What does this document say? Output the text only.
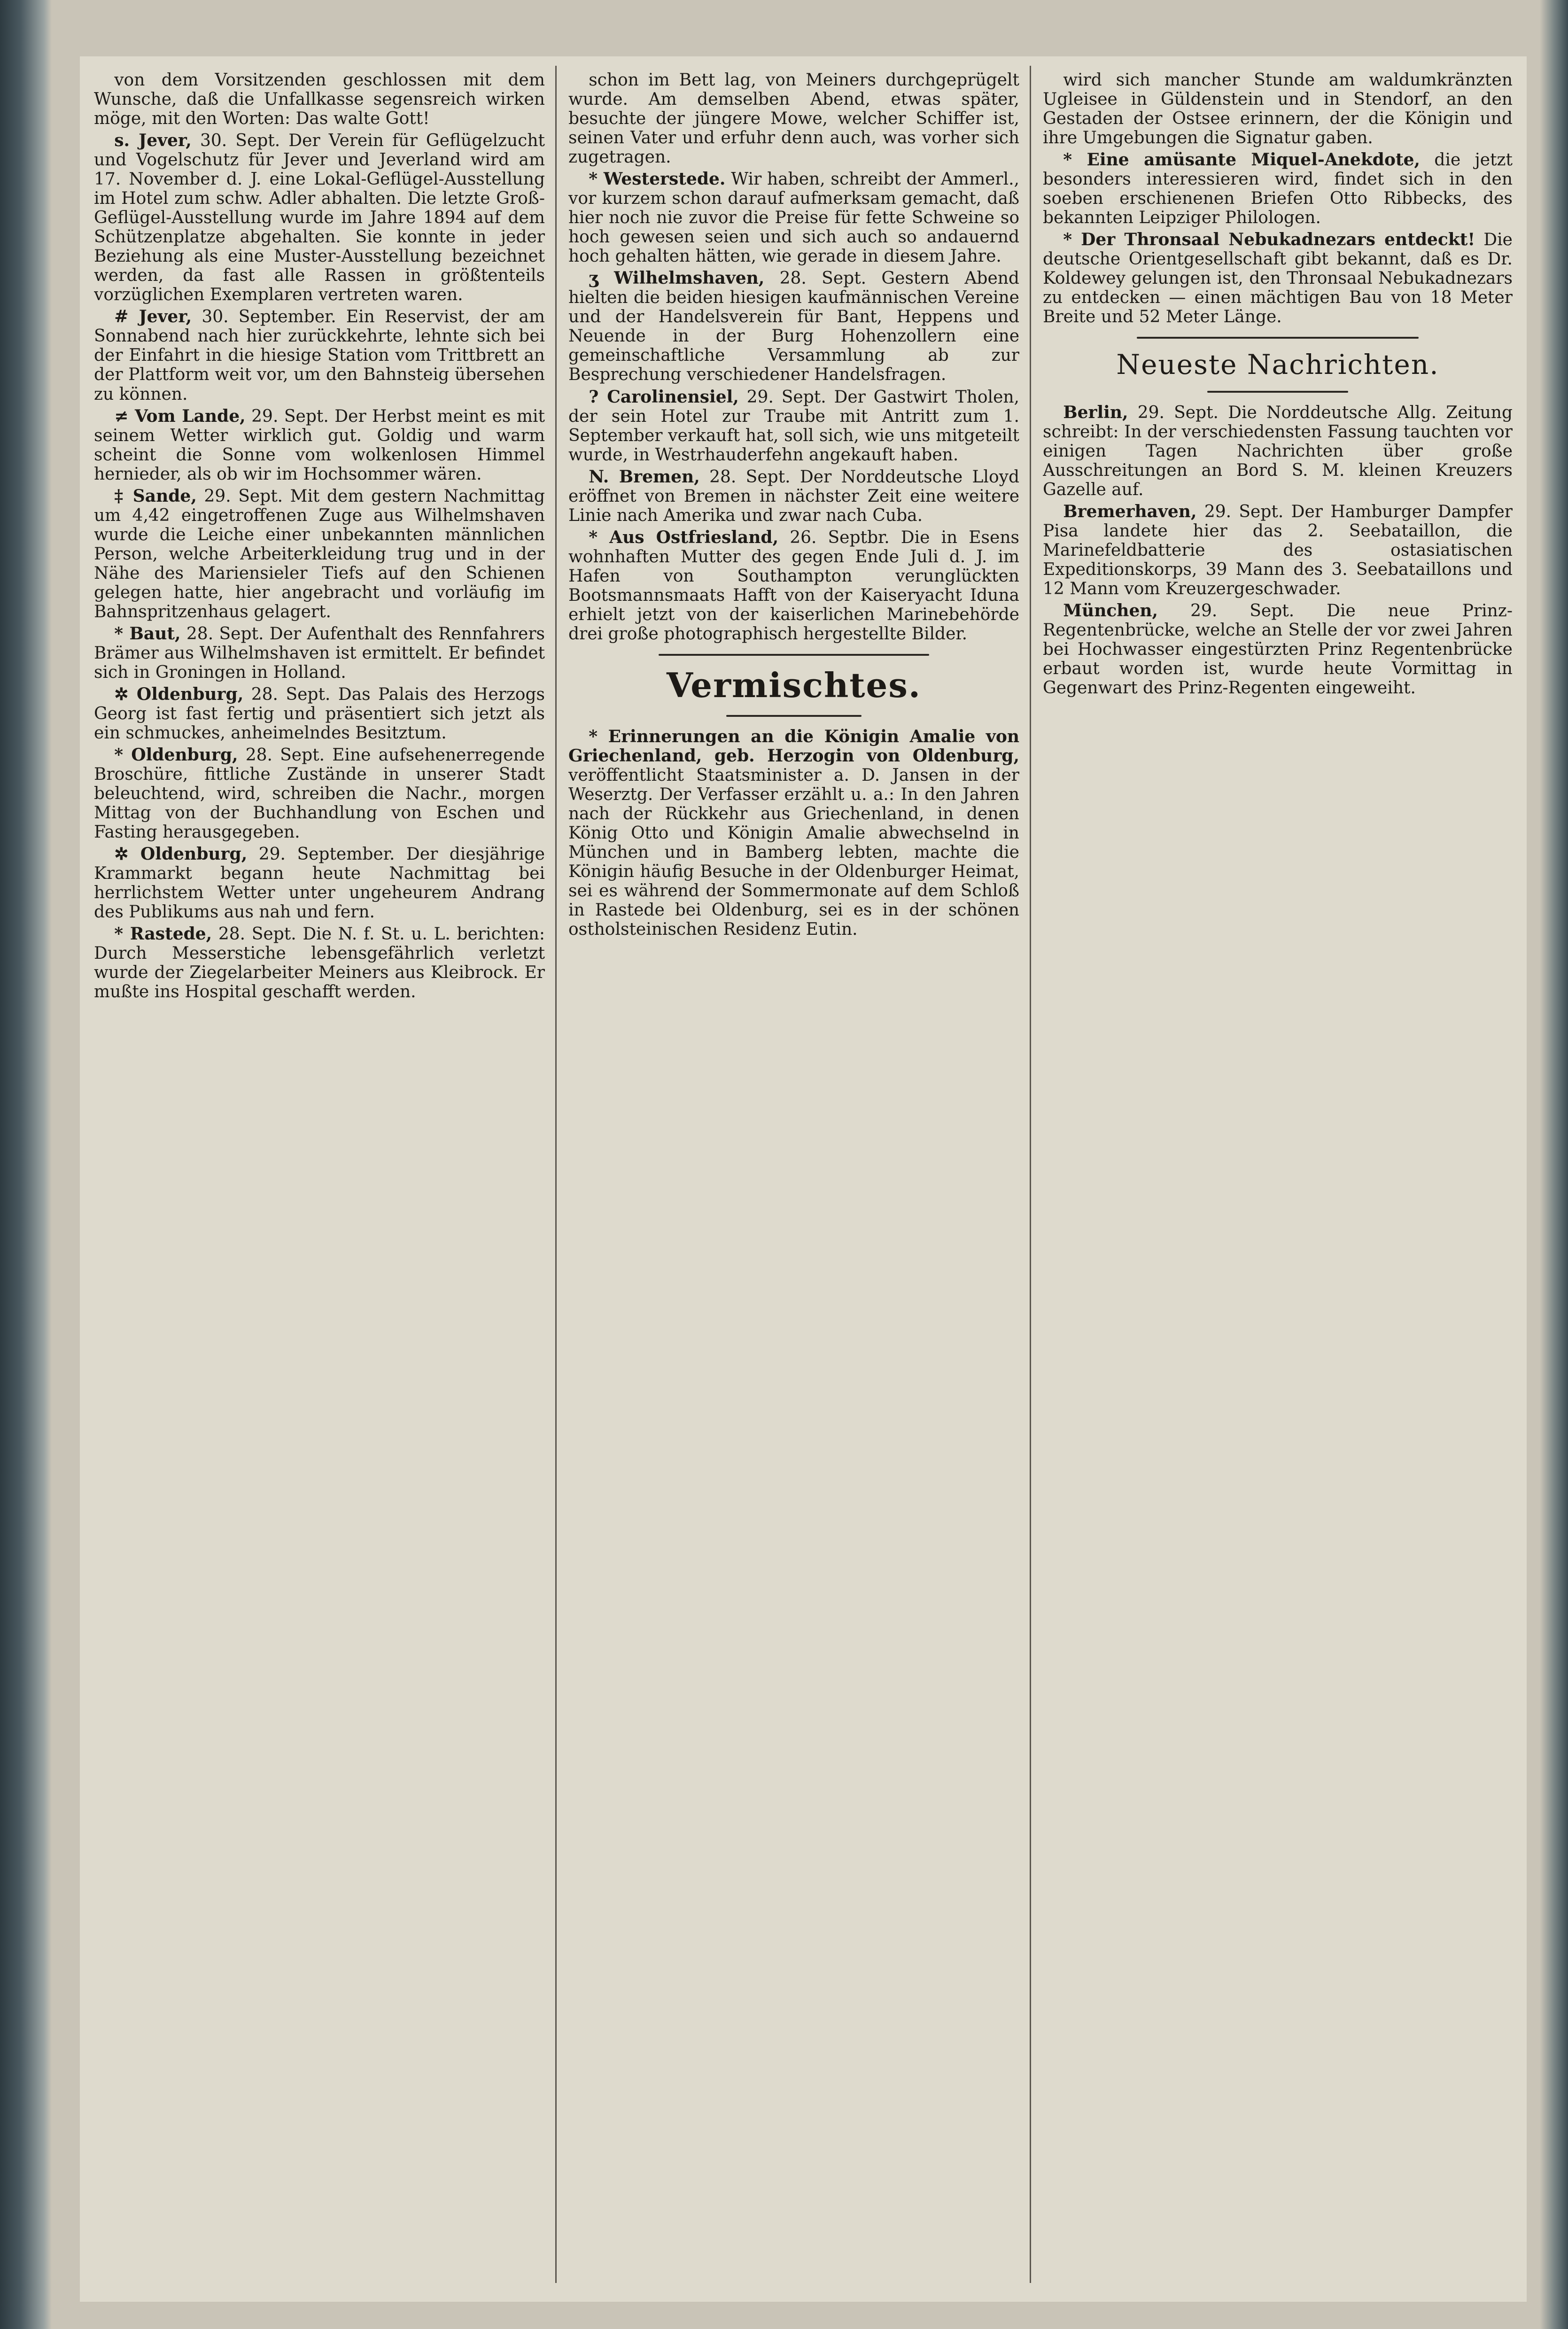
von dem Vorsitzenden geschlossen mit dem Wunsche, daß die Unfallkasse segensreich wirken möge, mit den Worten: Das walte Gott!

s. Jever, 30. Sept. Der Verein für Geflügelzucht und Vogelschutz für Jever und Jeverland wird am 17. November d. J. eine Lokal-Geflügel-Ausstellung im Hotel zum schw. Adler abhalten. Die letzte Groß-Geflügel-Ausstellung wurde im Jahre 1894 auf dem Schützenplatze abgehalten. Sie konnte in jeder Beziehung als eine Muster-Ausstellung bezeichnet werden, da fast alle Rassen in größtenteils vorzüglichen Exemplaren vertreten waren.

# Jever, 30. September. Ein Reservist, der am Sonnabend nach hier zurückkehrte, lehnte sich bei der Einfahrt in die hiesige Station vom Trittbrett an der Plattform weit vor, um den Bahnsteig übersehen zu können.

≠ Vom Lande, 29. Sept. Der Herbst meint es mit seinem Wetter wirklich gut. Goldig und warm scheint die Sonne vom wolkenlosen Himmel hernieder, als ob wir im Hochsommer wären.

‡ Sande, 29. Sept. Mit dem gestern Nachmittag um 4,42 eingetroffenen Zuge aus Wilhelmshaven wurde die Leiche einer unbekannten männlichen Person, welche Arbeiterkleidung trug und in der Nähe des Mariensieler Tiefs auf den Schienen gelegen hatte, hier angebracht und vorläufig im Bahnspritzenhaus gelagert.

* Baut, 28. Sept. Der Aufenthalt des Rennfahrers Brämer aus Wilhelmshaven ist ermittelt. Er befindet sich in Groningen in Holland.

✲ Oldenburg, 28. Sept. Das Palais des Herzogs Georg ist fast fertig und präsentiert sich jetzt als ein schmuckes, anheimelndes Besitztum.

* Oldenburg, 28. Sept. Eine aufsehenerregende Broschüre, fittliche Zustände in unserer Stadt beleuchtend, wird, schreiben die Nachr., morgen Mittag von der Buchhandlung von Eschen und Fasting herausgegeben.

✲ Oldenburg, 29. September. Der diesjährige Krammarkt begann heute Nachmittag bei herrlichstem Wetter unter ungeheurem Andrang des Publikums aus nah und fern.

* Rastede, 28. Sept. Die N. f. St. u. L. berichten: Durch Messerstiche lebensgefährlich verletzt wurde der Ziegelarbeiter Meiners aus Kleibrock. Er mußte ins Hospital geschafft werden.

schon im Bett lag, von Meiners durchgeprügelt wurde. Am demselben Abend, etwas später, besuchte der jüngere Mowe, welcher Schiffer ist, seinen Vater und erfuhr denn auch, was vorher sich zugetragen.

* Westerstede. Wir haben, schreibt der Ammerl., vor kurzem schon darauf aufmerksam gemacht, daß hier noch nie zuvor die Preise für fette Schweine so hoch gewesen seien und sich auch so andauernd hoch gehalten hätten, wie gerade in diesem Jahre.

ʒ Wilhelmshaven, 28. Sept. Gestern Abend hielten die beiden hiesigen kaufmännischen Vereine und der Handelsverein für Bant, Heppens und Neuende in der Burg Hohenzollern eine gemeinschaftliche Versammlung ab zur Besprechung verschiedener Handelsfragen.

? Carolinensiel, 29. Sept. Der Gastwirt Tholen, der sein Hotel zur Traube mit Antritt zum 1. September verkauft hat, soll sich, wie uns mitgeteilt wurde, in Westrhauderfehn angekauft haben.

N. Bremen, 28. Sept. Der Norddeutsche Lloyd eröffnet von Bremen in nächster Zeit eine weitere Linie nach Amerika und zwar nach Cuba.

* Aus Ostfriesland, 26. Septbr. Die in Esens wohnhaften Mutter des gegen Ende Juli d. J. im Hafen von Southampton verunglückten Bootsmannsmaats Hafft von der Kaiseryacht Iduna erhielt jetzt von der kaiserlichen Marinebehörde drei große photographisch hergestellte Bilder.

Vermischtes.

* Erinnerungen an die Königin Amalie von Griechenland, geb. Herzogin von Oldenburg, veröffentlicht Staatsminister a. D. Jansen in der Weserztg. Der Verfasser erzählt u. a.: In den Jahren nach der Rückkehr aus Griechenland, in denen König Otto und Königin Amalie abwechselnd in München und in Bamberg lebten, machte die Königin häufig Besuche in der Oldenburger Heimat, sei es während der Sommermonate auf dem Schloß in Rastede bei Oldenburg, sei es in der schönen ostholsteinischen Residenz Eutin.

wird sich mancher Stunde am waldumkränzten Ugleisee in Güldenstein und in Stendorf, an den Gestaden der Ostsee erinnern, der die Königin und ihre Umgebungen die Signatur gaben.

* Eine amüsante Miquel-Anekdote, die jetzt besonders interessieren wird, findet sich in den soeben erschienenen Briefen Otto Ribbecks, des bekannten Leipziger Philologen.

* Der Thronsaal Nebukadnezars entdeckt! Die deutsche Orientgesellschaft gibt bekannt, daß es Dr. Koldewey gelungen ist, den Thronsaal Nebukadnezars zu entdecken — einen mächtigen Bau von 18 Meter Breite und 52 Meter Länge.

Neueste Nachrichten.

Berlin, 29. Sept. Die Norddeutsche Allg. Zeitung schreibt: In der verschiedensten Fassung tauchten vor einigen Tagen Nachrichten über große Ausschreitungen an Bord S. M. kleinen Kreuzers Gazelle auf.

Bremerhaven, 29. Sept. Der Hamburger Dampfer Pisa landete hier das 2. Seebataillon, die Marinefeldbatterie des ostasiatischen Expeditionskorps, 39 Mann des 3. Seebataillons und 12 Mann vom Kreuzergeschwader.

München, 29. Sept. Die neue Prinz-Regentenbrücke, welche an Stelle der vor zwei Jahren bei Hochwasser eingestürzten Prinz Regentenbrücke erbaut worden ist, wurde heute Vormittag in Gegenwart des Prinz-Regenten eingeweiht.
